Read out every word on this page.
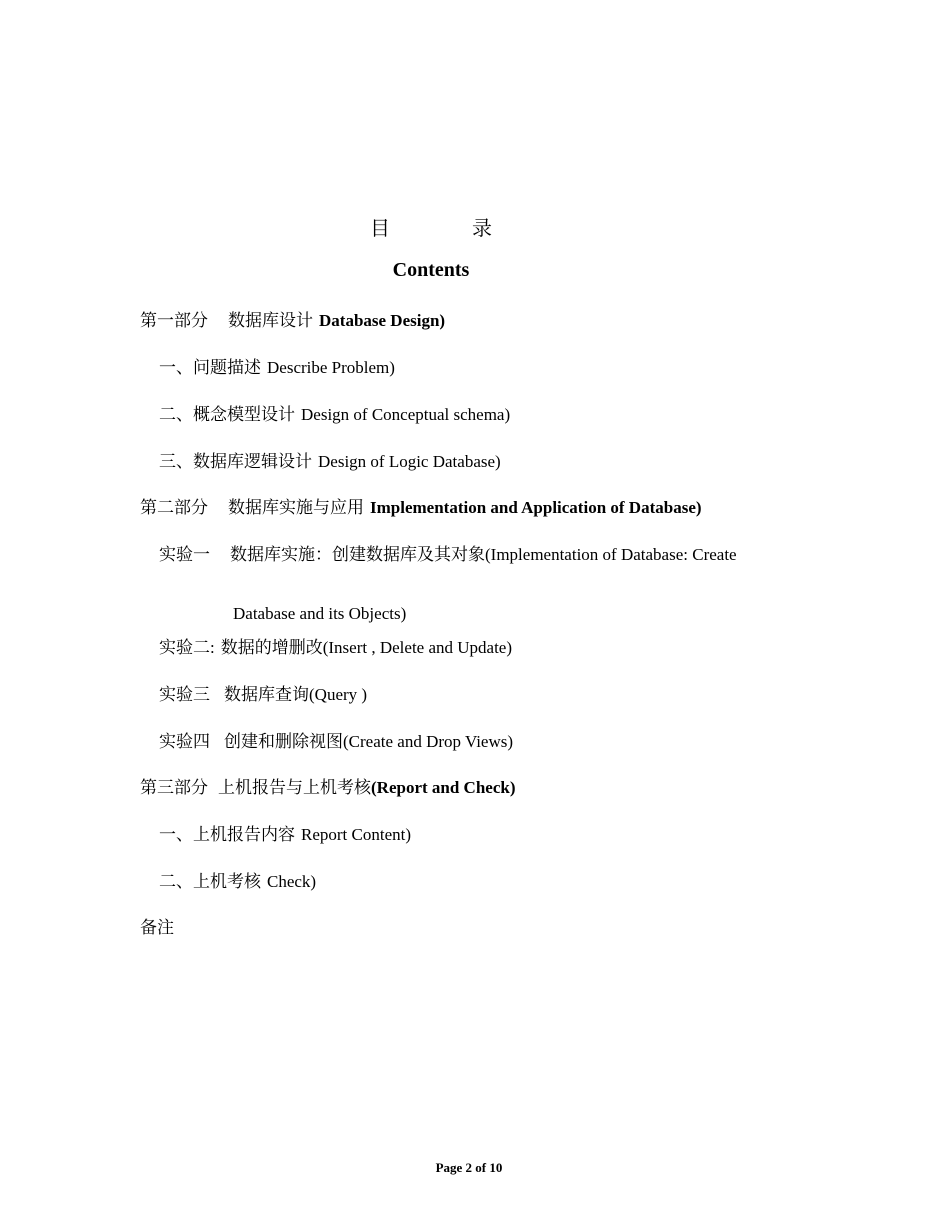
目	录
Contents
第一部分 数据库设计 Database Design)
一、问题描述 Describe Problem)
二、概念模型设计 Design of Conceptual schema)
三、数据库逻辑设计 Design of Logic Database)
第二部分 数据库实施与应用 Implementation and Application of Database)
实验一 数据库实施：创建数据库及其对象(Implementation of Database: Create
Database and its Objects)
实验二: 数据的增删改(Insert , Delete and Update)
实验三 数据库查询(Query )
实验四 创建和删除视图(Create and Drop Views)
第三部分 上机报告与上机考核(Report and Check)
一、上机报告内容 Report Content)
二、上机考核 Check)
备注
Page 2 of 10
